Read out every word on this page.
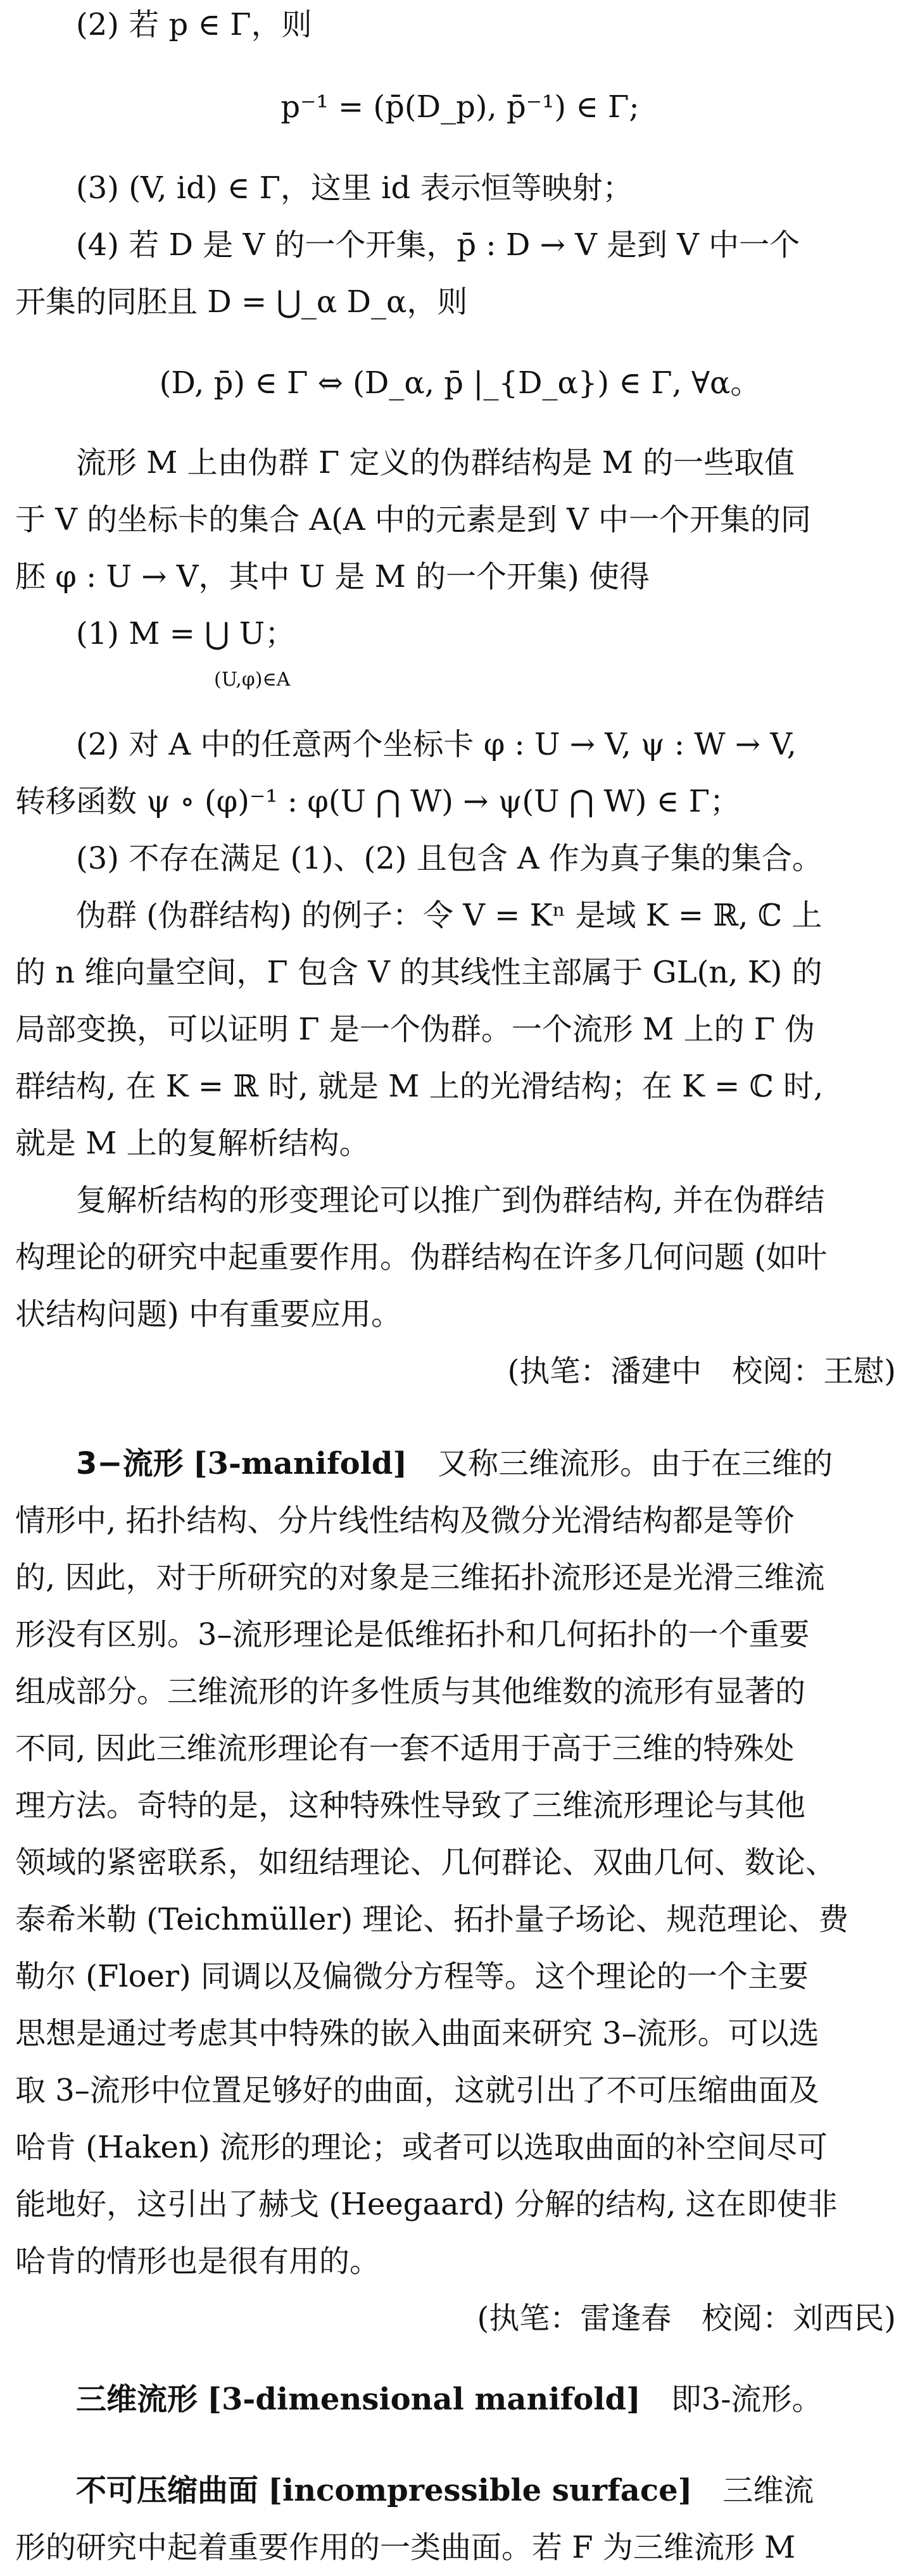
(2) 若 p ∈ Γ，则
p⁻¹ = (p̄(D_p), p̄⁻¹) ∈ Γ;
(3) (V, id) ∈ Γ，这里 id 表示恒等映射；
(4) 若 D 是 V 的一个开集，p̄ : D → V 是到 V 中一个
开集的同胚且 D = ⋃_α D_α，则
(D, p̄) ∈ Γ ⇔ (D_α, p̄ |_{D_α}) ∈ Γ, ∀α。
流形 M 上由伪群 Γ 定义的伪群结构是 M 的一些取值
于 V 的坐标卡的集合 A(A 中的元素是到 V 中一个开集的同
胚 φ : U → V，其中 U 是 M 的一个开集) 使得
(1) M = ⋃ U；
(U,φ)∈A
(2) 对 A 中的任意两个坐标卡 φ : U → V, ψ : W → V,
转移函数 ψ ∘ (φ)⁻¹ : φ(U ⋂ W) → ψ(U ⋂ W) ∈ Γ；
(3) 不存在满足 (1)、(2) 且包含 A 作为真子集的集合。
伪群 (伪群结构) 的例子：令 V = Kⁿ 是域 K = ℝ, ℂ 上
的 n 维向量空间，Γ 包含 V 的其线性主部属于 GL(n, K) 的
局部变换，可以证明 Γ 是一个伪群。一个流形 M 上的 Γ 伪
群结构, 在 K = ℝ 时, 就是 M 上的光滑结构；在 K = ℂ 时,
就是 M 上的复解析结构。
复解析结构的形变理论可以推广到伪群结构, 并在伪群结
构理论的研究中起重要作用。伪群结构在许多几何问题 (如叶
状结构问题) 中有重要应用。
(执笔：潘建中　校阅：王慰)
3−流形 [3-manifold]　又称三维流形。由于在三维的
情形中, 拓扑结构、分片线性结构及微分光滑结构都是等价
的, 因此，对于所研究的对象是三维拓扑流形还是光滑三维流
形没有区别。3–流形理论是低维拓扑和几何拓扑的一个重要
组成部分。三维流形的许多性质与其他维数的流形有显著的
不同, 因此三维流形理论有一套不适用于高于三维的特殊处
理方法。奇特的是，这种特殊性导致了三维流形理论与其他
领域的紧密联系，如纽结理论、几何群论、双曲几何、数论、
泰希米勒 (Teichmüller) 理论、拓扑量子场论、规范理论、费
勒尔 (Floer) 同调以及偏微分方程等。这个理论的一个主要
思想是通过考虑其中特殊的嵌入曲面来研究 3–流形。可以选
取 3–流形中位置足够好的曲面，这就引出了不可压缩曲面及
哈肯 (Haken) 流形的理论；或者可以选取曲面的补空间尽可
能地好，这引出了赫戈 (Heegaard) 分解的结构, 这在即使非
哈肯的情形也是很有用的。
(执笔：雷逢春　校阅：刘西民)
三维流形 [3-dimensional manifold]　即3-流形。
不可压缩曲面 [incompressible surface]　三维流
形的研究中起着重要作用的一类曲面。若 F 为三维流形 M
